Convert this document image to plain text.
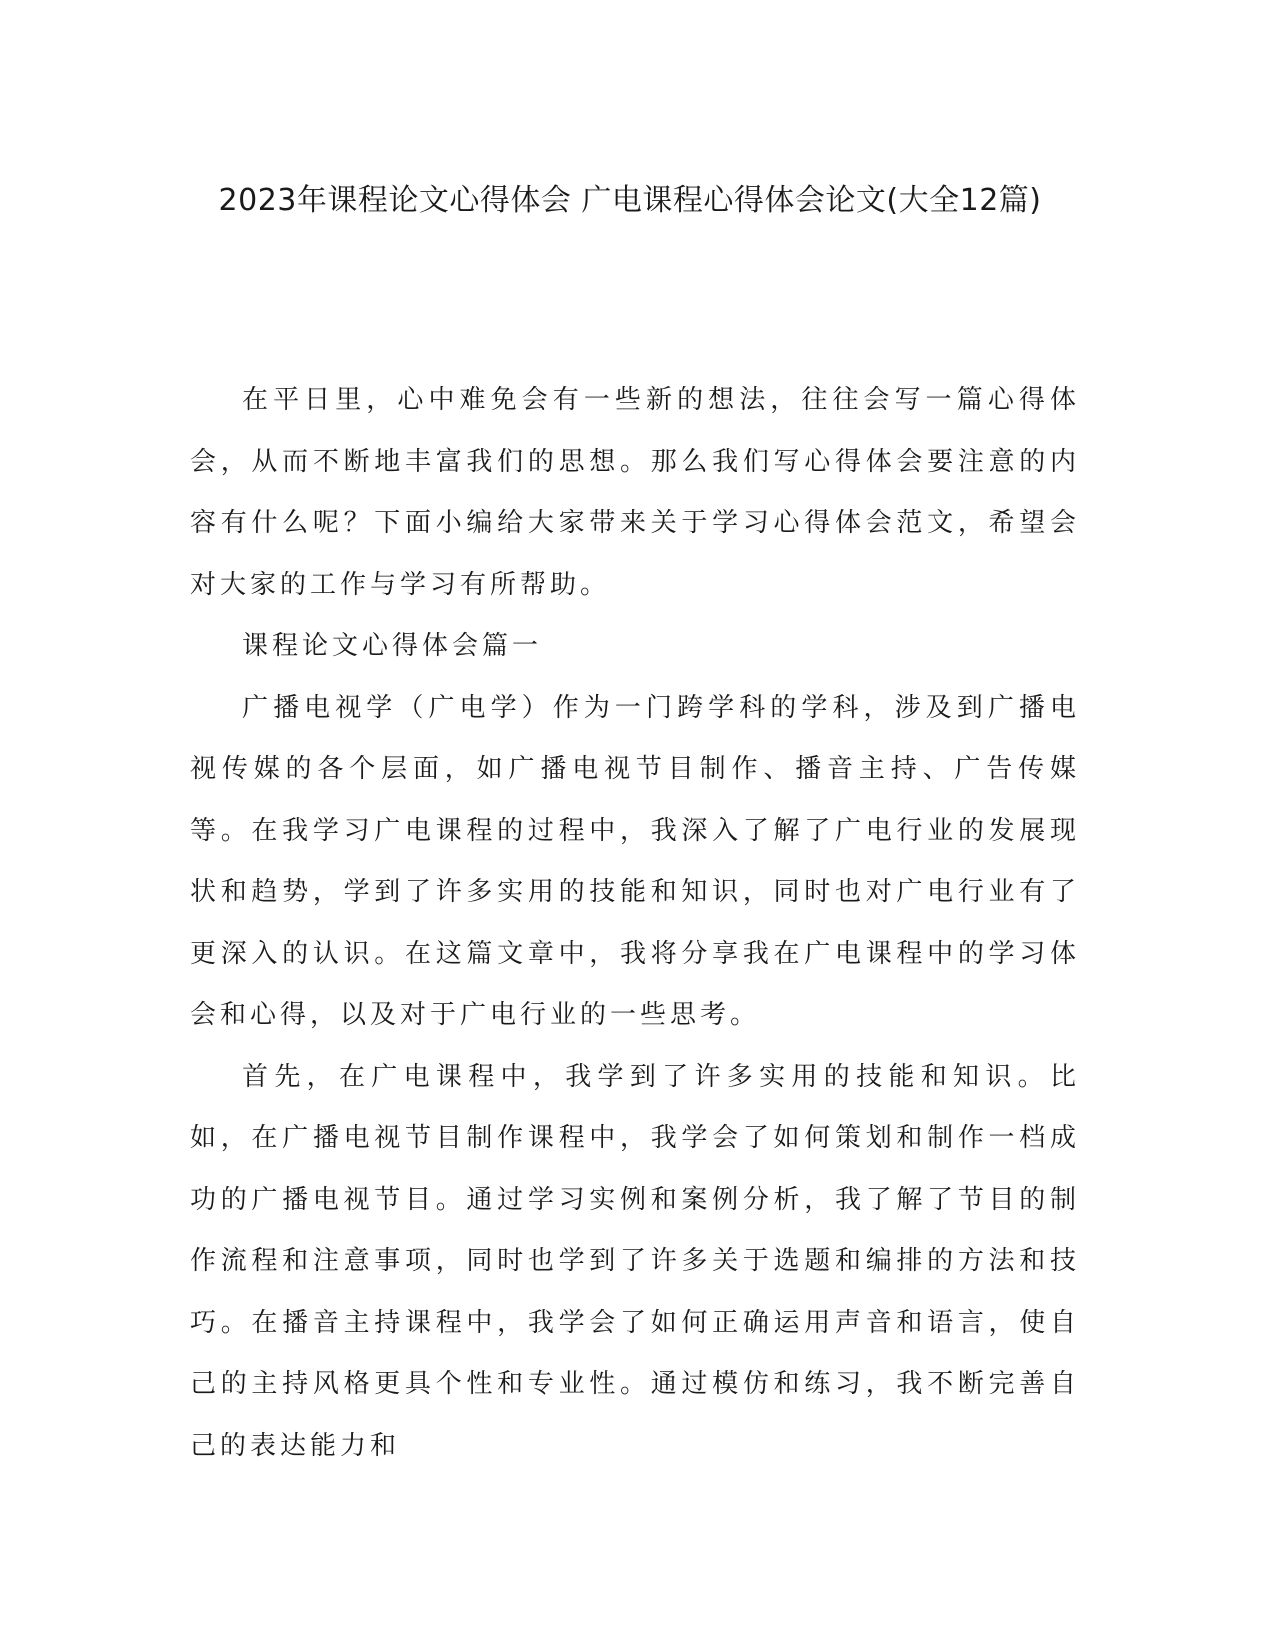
2023年课程论文心得体会 广电课程心得体会论文(大全12篇)

在平日里，心中难免会有一些新的想法，往往会写一篇心得体会，从而不断地丰富我们的思想。那么我们写心得体会要注意的内容有什么呢？下面小编给大家带来关于学习心得体会范文，希望会对大家的工作与学习有所帮助。

课程论文心得体会篇一

广播电视学（广电学）作为一门跨学科的学科，涉及到广播电视传媒的各个层面，如广播电视节目制作、播音主持、广告传媒等。在我学习广电课程的过程中，我深入了解了广电行业的发展现状和趋势，学到了许多实用的技能和知识，同时也对广电行业有了更深入的认识。在这篇文章中，我将分享我在广电课程中的学习体会和心得，以及对于广电行业的一些思考。

首先，在广电课程中，我学到了许多实用的技能和知识。比如，在广播电视节目制作课程中，我学会了如何策划和制作一档成功的广播电视节目。通过学习实例和案例分析，我了解了节目的制作流程和注意事项，同时也学到了许多关于选题和编排的方法和技巧。在播音主持课程中，我学会了如何正确运用声音和语言，使自己的主持风格更具个性和专业性。通过模仿和练习，我不断完善自己的表达能力和
